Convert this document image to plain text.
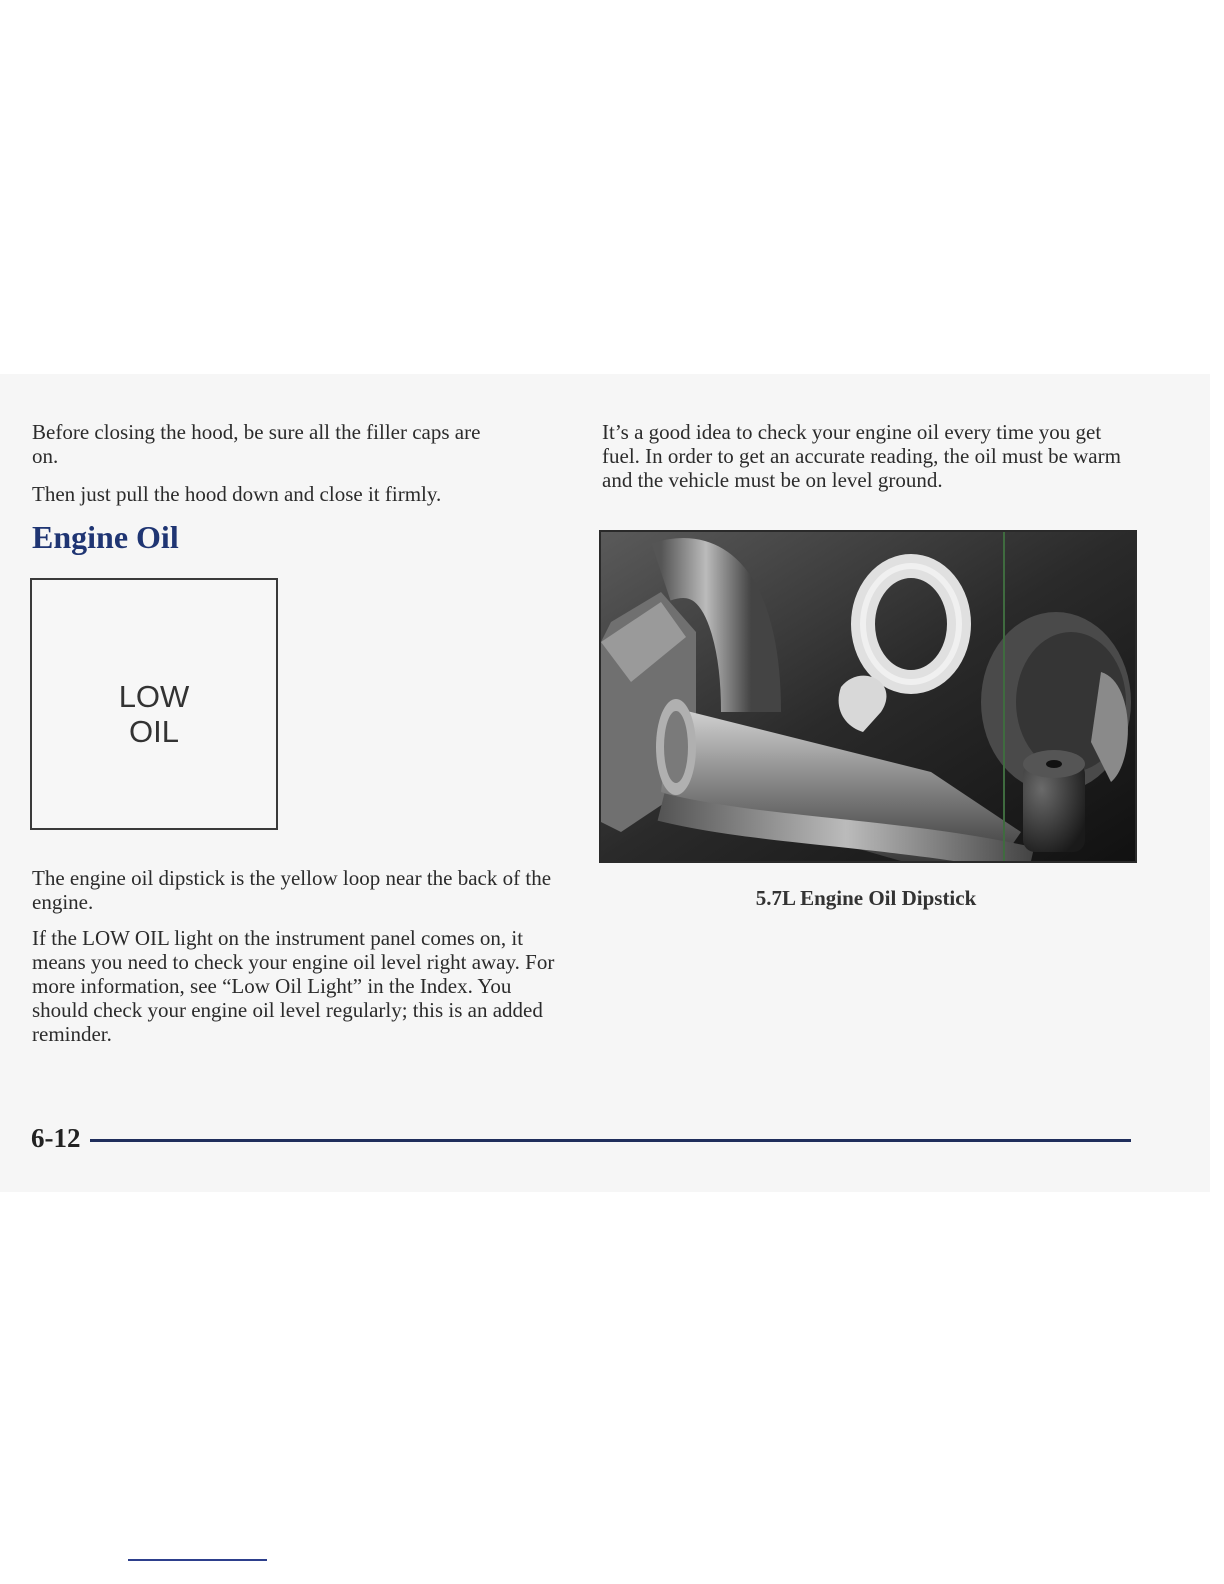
Before closing the hood, be sure all the filler caps are on.

Then just pull the hood down and close it firmly.

Engine Oil
LOW
OIL

The engine oil dipstick is the yellow loop near the back of the engine.

If the LOW OIL light on the instrument panel comes on, it means you need to check your engine oil level right away. For more information, see “Low Oil Light” in the Index. You should check your engine oil level regularly; this is an added reminder.

It’s a good idea to check your engine oil every time you get fuel. In order to get an accurate reading, the oil must be warm and the vehicle must be on level ground.

5.7L Engine Oil Dipstick

6-12
